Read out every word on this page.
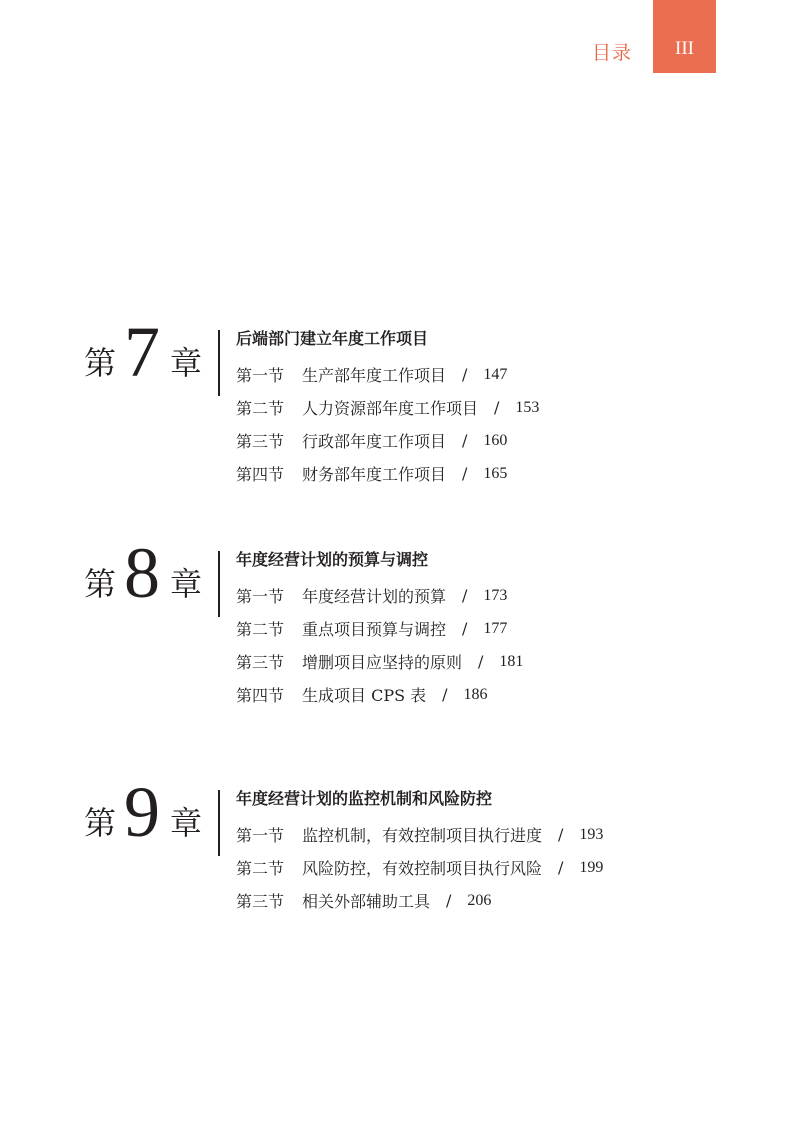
目录 III
第 7 章
后端部门建立年度工作项目
第一节	生产部年度工作项目 / 147
第二节	人力资源部年度工作项目 / 153
第三节	行政部年度工作项目 / 160
第四节	财务部年度工作项目 / 165
第 8 章
年度经营计划的预算与调控
第一节	年度经营计划的预算 / 173
第二节	重点项目预算与调控 / 177
第三节	增删项目应坚持的原则 / 181
第四节	生成项目 CPS 表 / 186
第 9 章
年度经营计划的监控机制和风险防控
第一节	监控机制，有效控制项目执行进度 / 193
第二节	风险防控，有效控制项目执行风险 / 199
第三节	相关外部辅助工具 / 206
